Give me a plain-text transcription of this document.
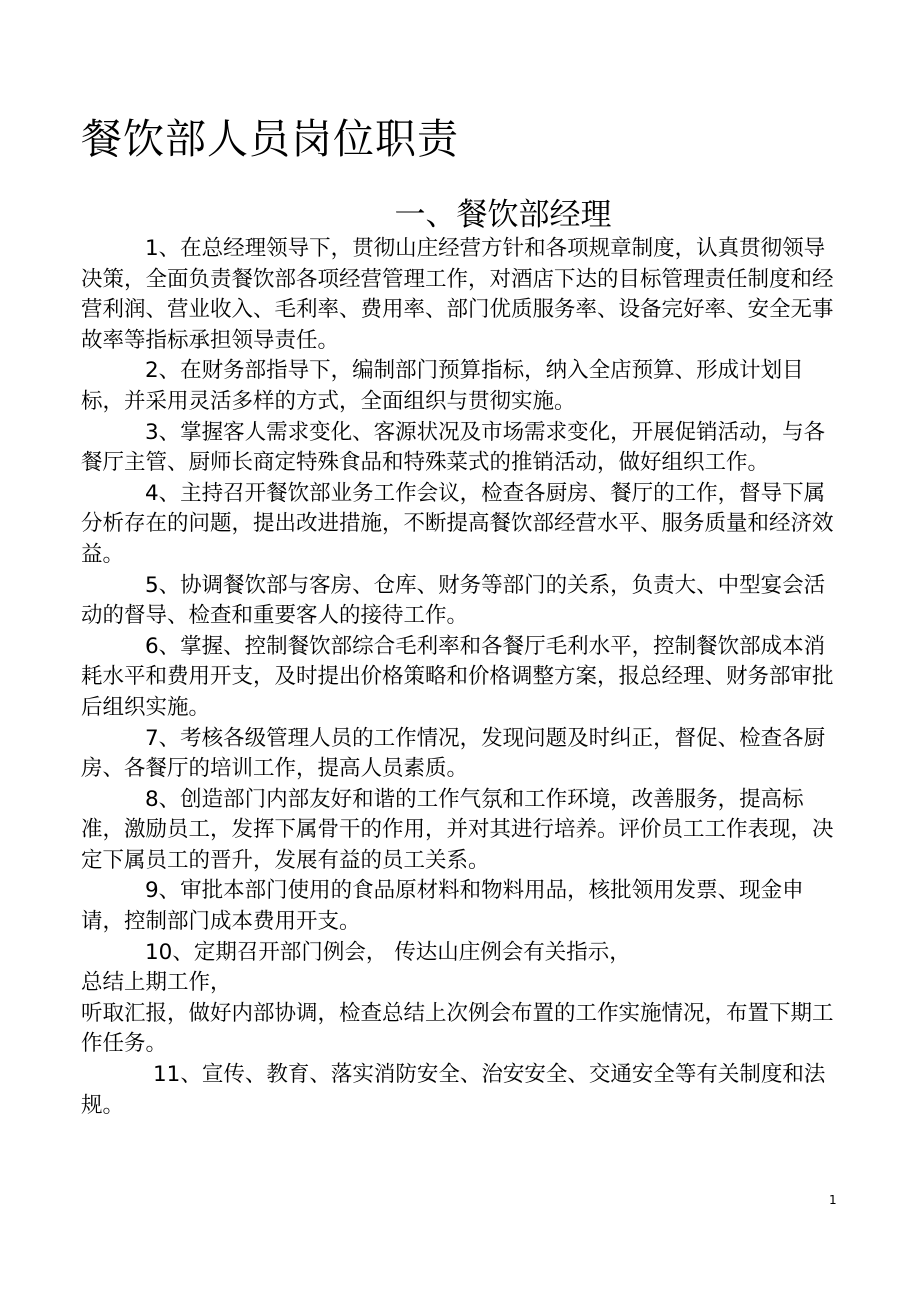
餐饮部人员岗位职责
一、餐饮部经理

1、在总经理领导下，贯彻山庄经营方针和各项规章制度，认真贯彻领导决策，全面负责餐饮部各项经营管理工作，对酒店下达的目标管理责任制度和经营利润、营业收入、毛利率、费用率、部门优质服务率、设备完好率、安全无事故率等指标承担领导责任。

2、在财务部指导下，编制部门预算指标，纳入全店预算、形成计划目标，并采用灵活多样的方式，全面组织与贯彻实施。

3、掌握客人需求变化、客源状况及市场需求变化，开展促销活动，与各餐厅主管、厨师长商定特殊食品和特殊菜式的推销活动，做好组织工作。

4、主持召开餐饮部业务工作会议，检查各厨房、餐厅的工作，督导下属分析存在的问题，提出改进措施，不断提高餐饮部经营水平、服务质量和经济效益。

5、协调餐饮部与客房、仓库、财务等部门的关系，负责大、中型宴会活动的督导、检查和重要客人的接待工作。

6、掌握、控制餐饮部综合毛利率和各餐厅毛利水平，控制餐饮部成本消耗水平和费用开支，及时提出价格策略和价格调整方案，报总经理、财务部审批后组织实施。

7、考核各级管理人员的工作情况，发现问题及时纠正，督促、检查各厨房、各餐厅的培训工作，提高人员素质。

8、创造部门内部友好和谐的工作气氛和工作环境，改善服务，提高标准，激励员工，发挥下属骨干的作用，并对其进行培养。评价员工工作表现，决定下属员工的晋升，发展有益的员工关系。

9、审批本部门使用的食品原材料和物料用品，核批领用发票、现金申请，控制部门成本费用开支。

10、定期召开部门例会， 传达山庄例会有关指示，

总结上期工作，

听取汇报，做好内部协调，检查总结上次例会布置的工作实施情况，布置下期工作任务。

11、宣传、教育、落实消防安全、治安安全、交通安全等有关制度和法规。

1
